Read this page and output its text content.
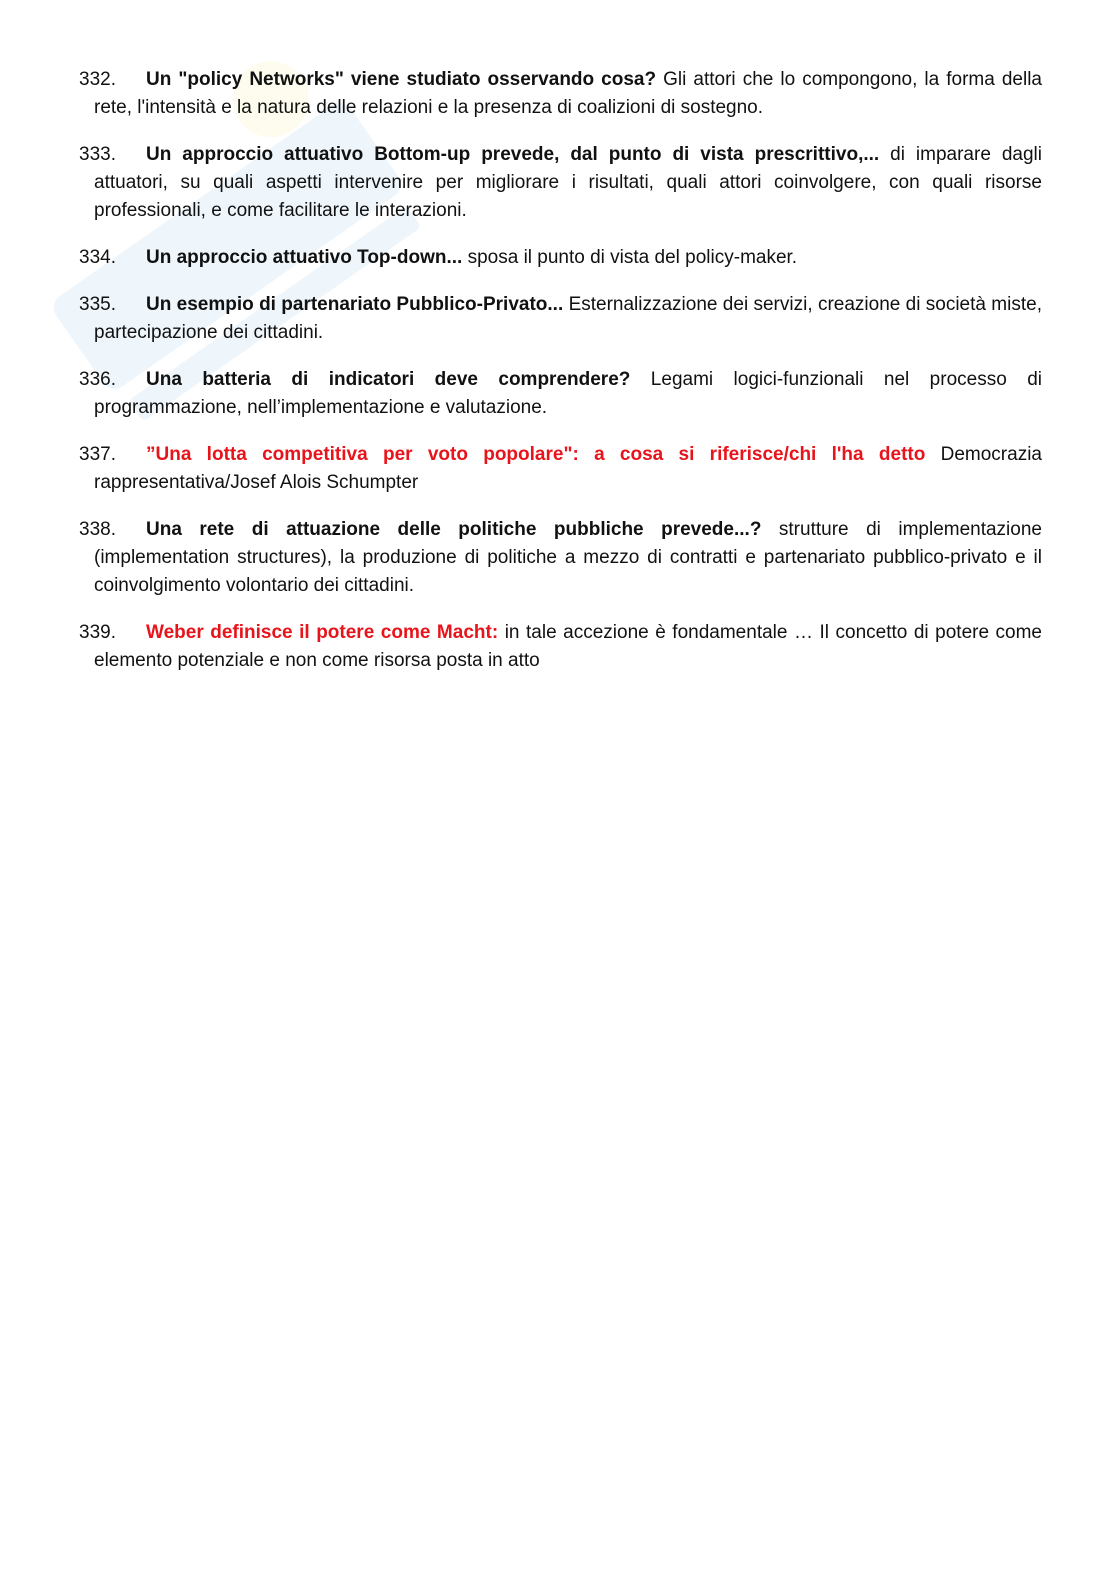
332. Un "policy Networks" viene studiato osservando cosa? Gli attori che lo compongono, la forma della rete, l'intensità e la natura delle relazioni e la presenza di coalizioni di sostegno.

333. Un approccio attuativo Bottom-up prevede, dal punto di vista prescrittivo,... di imparare dagli attuatori, su quali aspetti intervenire per migliorare i risultati, quali attori coinvolgere, con quali risorse professionali, e come facilitare le interazioni.

334. Un approccio attuativo Top-down... sposa il punto di vista del policy-maker.

335. Un esempio di partenariato Pubblico-Privato... Esternalizzazione dei servizi, creazione di società miste, partecipazione dei cittadini.

336. Una batteria di indicatori deve comprendere? Legami logici-funzionali nel processo di programmazione, nell’implementazione e valutazione.

337. ”Una lotta competitiva per voto popolare": a cosa si riferisce/chi l'ha detto Democrazia rappresentativa/Josef Alois Schumpter

338. Una rete di attuazione delle politiche pubbliche prevede...? strutture di implementazione (implementation structures), la produzione di politiche a mezzo di contratti e partenariato pubblico-privato e il coinvolgimento volontario dei cittadini.

339. Weber definisce il potere come Macht: in tale accezione è fondamentale … Il concetto di potere come elemento potenziale e non come risorsa posta in atto
